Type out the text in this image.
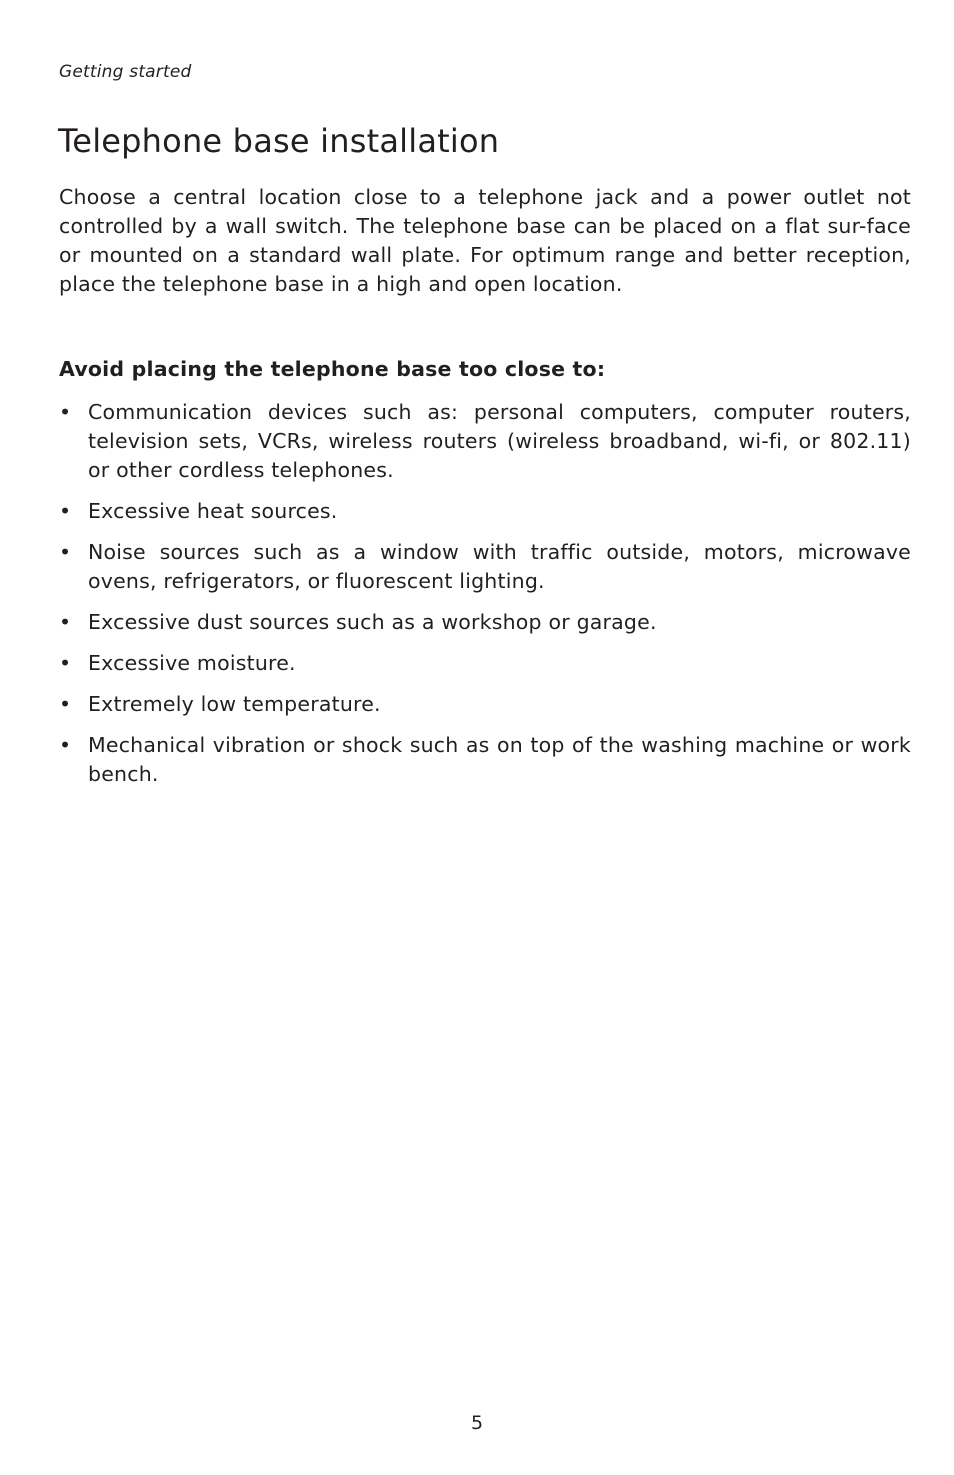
Getting started
Telephone base installation

Choose a central location close to a telephone jack and a power outlet not controlled by a wall switch. The telephone base can be placed on a flat sur-face or mounted on a standard wall plate. For optimum range and better reception, place the telephone base in a high and open location.

Avoid placing the telephone base too close to:

• Communication devices such as: personal computers, computer routers, television sets, VCRs, wireless routers (wireless broadband, wi-fi, or 802.11) or other cordless telephones.
• Excessive heat sources.
• Noise sources such as a window with traffic outside, motors, microwave ovens, refrigerators, or fluorescent lighting.
• Excessive dust sources such as a workshop or garage.
• Excessive moisture.
• Extremely low temperature.
• Mechanical vibration or shock such as on top of the washing machine or work bench.
5
